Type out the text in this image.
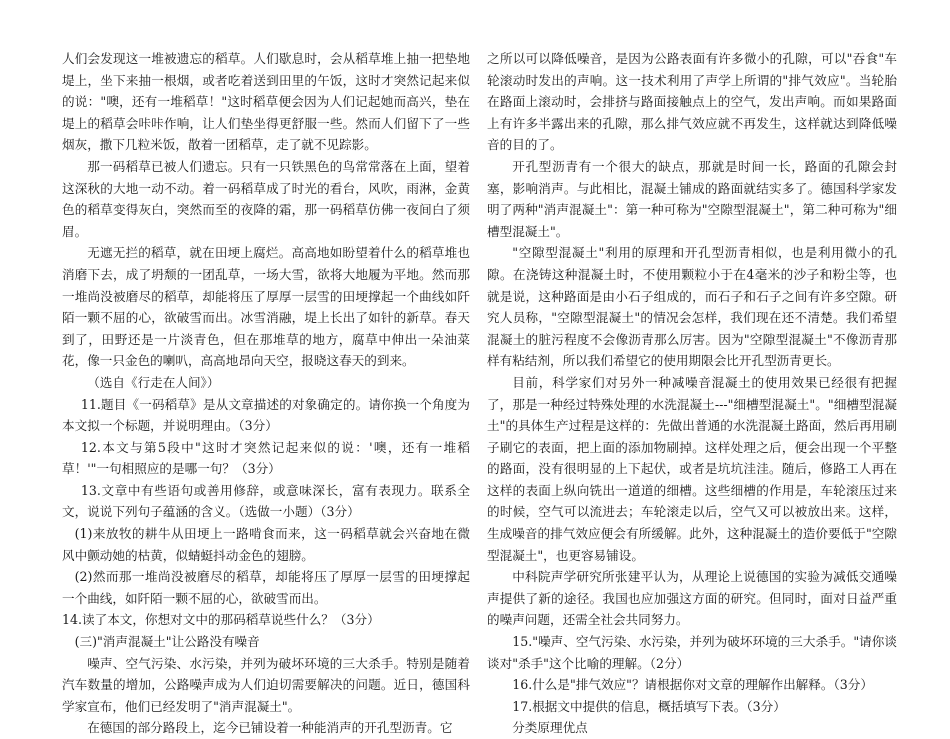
人们会发现这一堆被遗忘的稻草。人们歇息时，会从稻草堆上抽一把垫地堤上，坐下来抽一根烟，或者吃着送到田里的午饭，这时才突然记起来似的说："噢，还有一堆稻草！"这时稻草便会因为人们记起她而高兴，垫在堤上的稻草会咔咔作响，让人们垫坐得更舒服一些。然而人们留下了一些烟灰，撒下几粒米饭，散着一团稻草，走了就不见踪影。

那一码稻草已被人们遗忘。只有一只铁黑色的鸟常常落在上面，望着这深秋的大地一动不动。着一码稻草成了时光的看台，风吹，雨淋，金黄色的稻草变得灰白，突然而至的夜降的霜，那一码稻草仿佛一夜间白了须眉。

无遮无拦的稻草，就在田埂上腐烂。高高地如盼望着什么的稻草堆也消磨下去，成了坍颓的一团乱草，一场大雪，欲将大地履为平地。然而那一堆尚没被磨尽的稻草，却能将压了厚厚一层雪的田埂撑起一个曲线如阡陌一颗不屈的心，欲破雪而出。冰雪消融，堤上长出了如针的新草。春天到了，田野还是一片淡青色，但在那堆草的地方，腐草中伸出一朵油菜花，像一只金色的喇叭，高高地昂向天空，报晓这春天的到来。

（选自《行走在人间》）

11.题目《一码稻草》是从文章描述的对象确定的。请你换一个角度为本文拟一个标题，并说明理由。（3分）

12.本文与第5段中"这时才突然记起来似的说：'噢，还有一堆稻草！'"一句相照应的是哪一句？（3分）

13.文章中有些语句或善用修辞，或意味深长，富有表现力。联系全文，说说下列句子蕴涵的含义。（选做一小题）（3分）

(1)来放牧的耕牛从田埂上一路啃食而来，这一码稻草就会兴奋地在微风中颤动她的枯黄，似蜻蜓抖动金色的翅膀。

(2)然而那一堆尚没被磨尽的稻草，却能将压了厚厚一层雪的田埂撑起一个曲线，如阡陌一颗不屈的心，欲破雪而出。

14.读了本文，你想对文中的那码稻草说些什么？（3分）

(三)"消声混凝土"让公路没有噪音

噪声、空气污染、水污染，并列为破坏环境的三大杀手。特别是随着汽车数量的增加，公路噪声成为人们迫切需要解决的问题。近日，德国科学家宣布，他们已经发明了"消声混凝土"。

在德国的部分路段上，迄今已铺设着一种能消声的开孔型沥青。它

之所以可以降低噪音，是因为公路表面有许多微小的孔隙，可以"吞食"车轮滚动时发出的声响。这一技术利用了声学上所谓的"排气效应"。当轮胎在路面上滚动时，会排挤与路面接触点上的空气，发出声响。而如果路面上有许多半露出来的孔隙，那么排气效应就不再发生，这样就达到降低噪音的目的了。

开孔型沥青有一个很大的缺点，那就是时间一长，路面的孔隙会封塞，影响消声。与此相比，混凝土铺成的路面就结实多了。德国科学家发明了两种"消声混凝土"：第一种可称为"空隙型混凝土"，第二种可称为"细槽型混凝土"。

"空隙型混凝土"利用的原理和开孔型沥青相似，也是利用微小的孔隙。在浇铸这种混凝土时，不使用颗粒小于在4毫米的沙子和粉尘等，也就是说，这种路面是由小石子组成的，而石子和石子之间有许多空隙。研究人员称，"空隙型混凝土"的情况会怎样，我们现在还不清楚。我们希望混凝土的脏污程度不会像沥青那么厉害。因为"空隙型混凝土"不像沥青那样有粘结剂，所以我们希望它的使用期限会比开孔型沥青更长。

目前，科学家们对另外一种减噪音混凝土的使用效果已经很有把握了，那是一种经过特殊处理的水洗混凝土---"细槽型混凝土"。"细槽型混凝土"的具体生产过程是这样的：先做出普通的水洗混凝土路面，然后再用刷子刷它的表面，把上面的添加物刷掉。这样处理之后，便会出现一个平整的路面，没有很明显的上下起伏，或者是坑坑洼洼。随后，修路工人再在这样的表面上纵向铣出一道道的细槽。这些细槽的作用是，车轮滚压过来的时候，空气可以流进去；车轮滚走以后，空气又可以被放出来。这样，生成噪音的排气效应便会有所缓解。此外，这种混凝土的造价要低于"空隙型混凝土"，也更容易铺设。

中科院声学研究所张建平认为，从理论上说德国的实验为减低交通噪声提供了新的途径。我国也应加强这方面的研究。但同时，面对日益严重的噪声问题，还需全社会共同努力。

15."噪声、空气污染、水污染，并列为破坏环境的三大杀手。"请你谈谈对"杀手"这个比喻的理解。（2分）

16.什么是"排气效应"？请根据你对文章的理解作出解释。（3分）

17.根据文中提供的信息，概括填写下表。（3分）

分类原理优点
